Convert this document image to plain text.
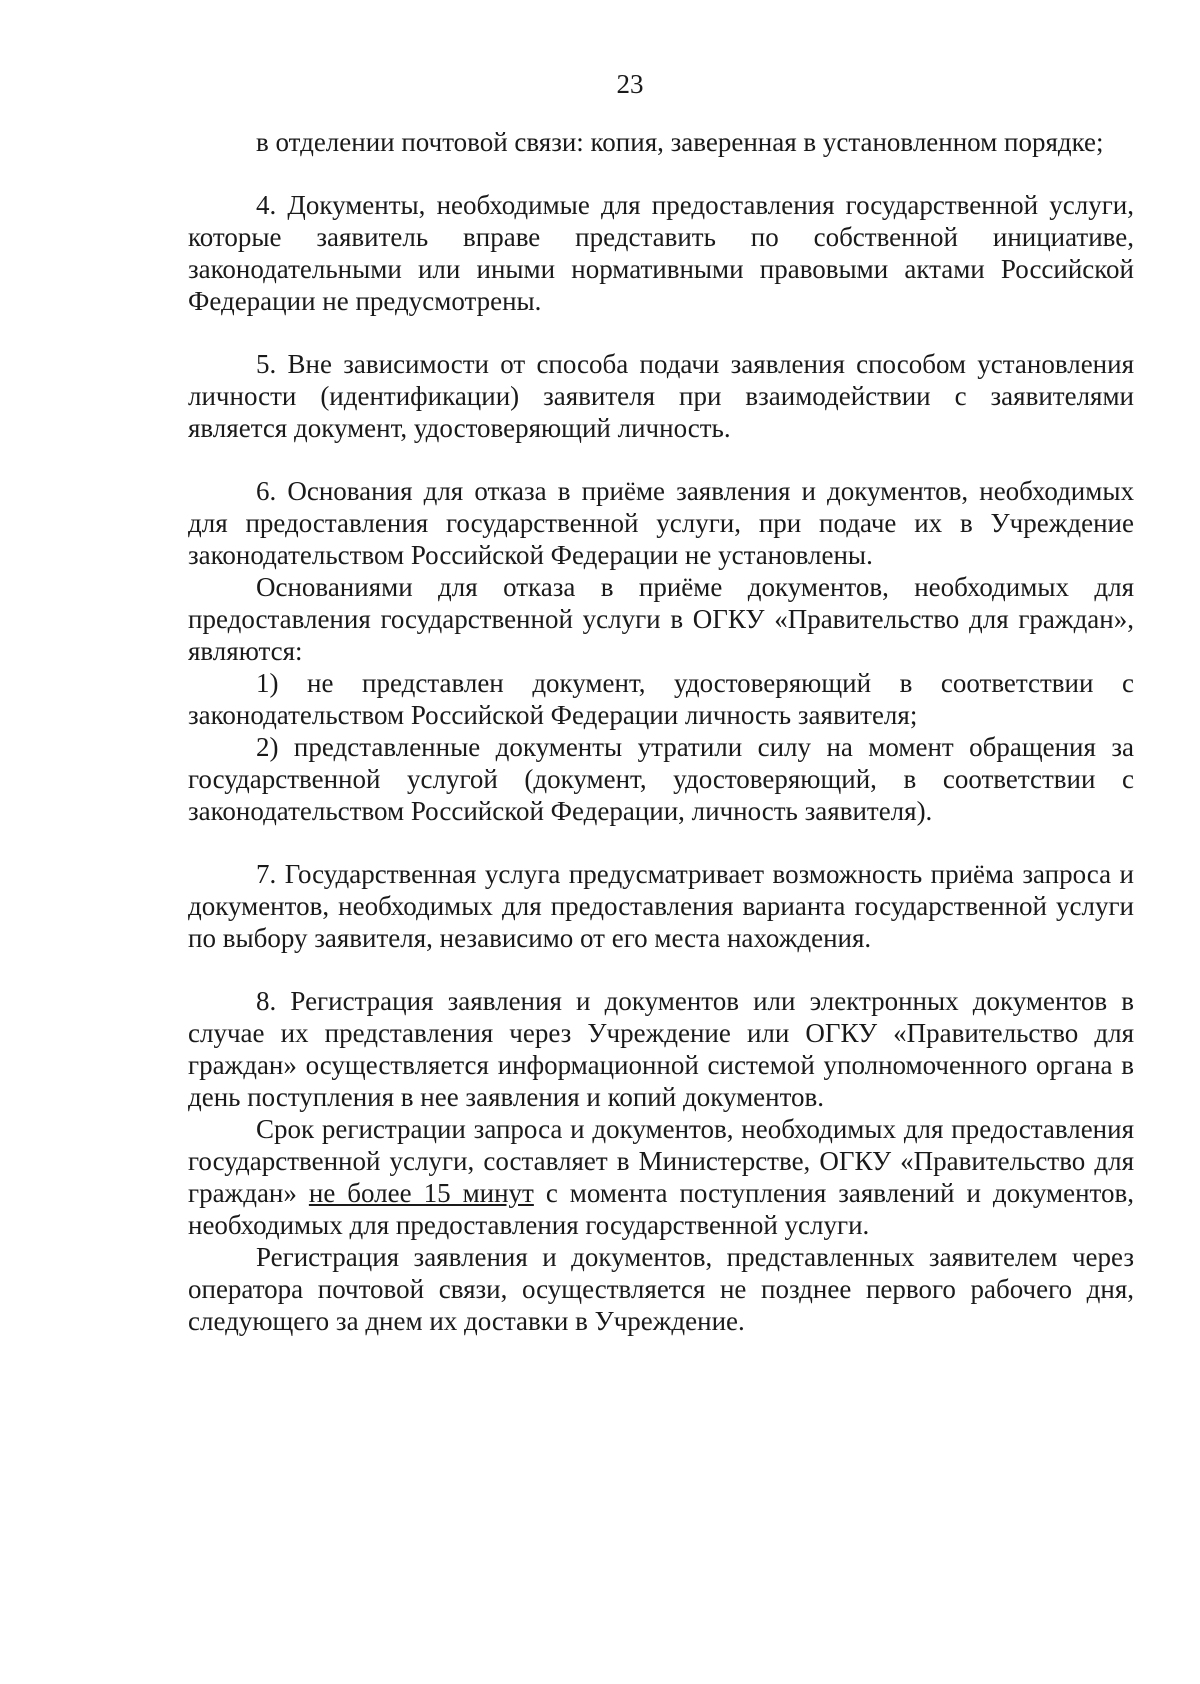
23

в отделении почтовой связи: копия, заверенная в установленном порядке;

4. Документы, необходимые для предоставления государственной услуги, которые заявитель вправе представить по собственной инициативе, законодательными или иными нормативными правовыми актами Российской Федерации не предусмотрены.

5. Вне зависимости от способа подачи заявления способом установления личности (идентификации) заявителя при взаимодействии с заявителями является документ, удостоверяющий личность.

6. Основания для отказа в приёме заявления и документов, необходимых для предоставления государственной услуги, при подаче их в Учреждение законодательством Российской Федерации не установлены.

Основаниями для отказа в приёме документов, необходимых для предоставления государственной услуги в ОГКУ «Правительство для граждан», являются:

1) не представлен документ, удостоверяющий в соответствии с законодательством Российской Федерации личность заявителя;

2) представленные документы утратили силу на момент обращения за государственной услугой (документ, удостоверяющий, в соответствии с законодательством Российской Федерации, личность заявителя).

7. Государственная услуга предусматривает возможность приёма запроса и документов, необходимых для предоставления варианта государственной услуги по выбору заявителя, независимо от его места нахождения.

8. Регистрация заявления и документов или электронных документов в случае их представления через Учреждение или ОГКУ «Правительство для граждан» осуществляется информационной системой уполномоченного органа в день поступления в нее заявления и копий документов.

Срок регистрации запроса и документов, необходимых для предоставления государственной услуги, составляет в Министерстве, ОГКУ «Правительство для граждан» не более 15 минут с момента поступления заявлений и документов, необходимых для предоставления государственной услуги.

Регистрация заявления и документов, представленных заявителем через оператора почтовой связи, осуществляется не позднее первого рабочего дня, следующего за днем их доставки в Учреждение.
